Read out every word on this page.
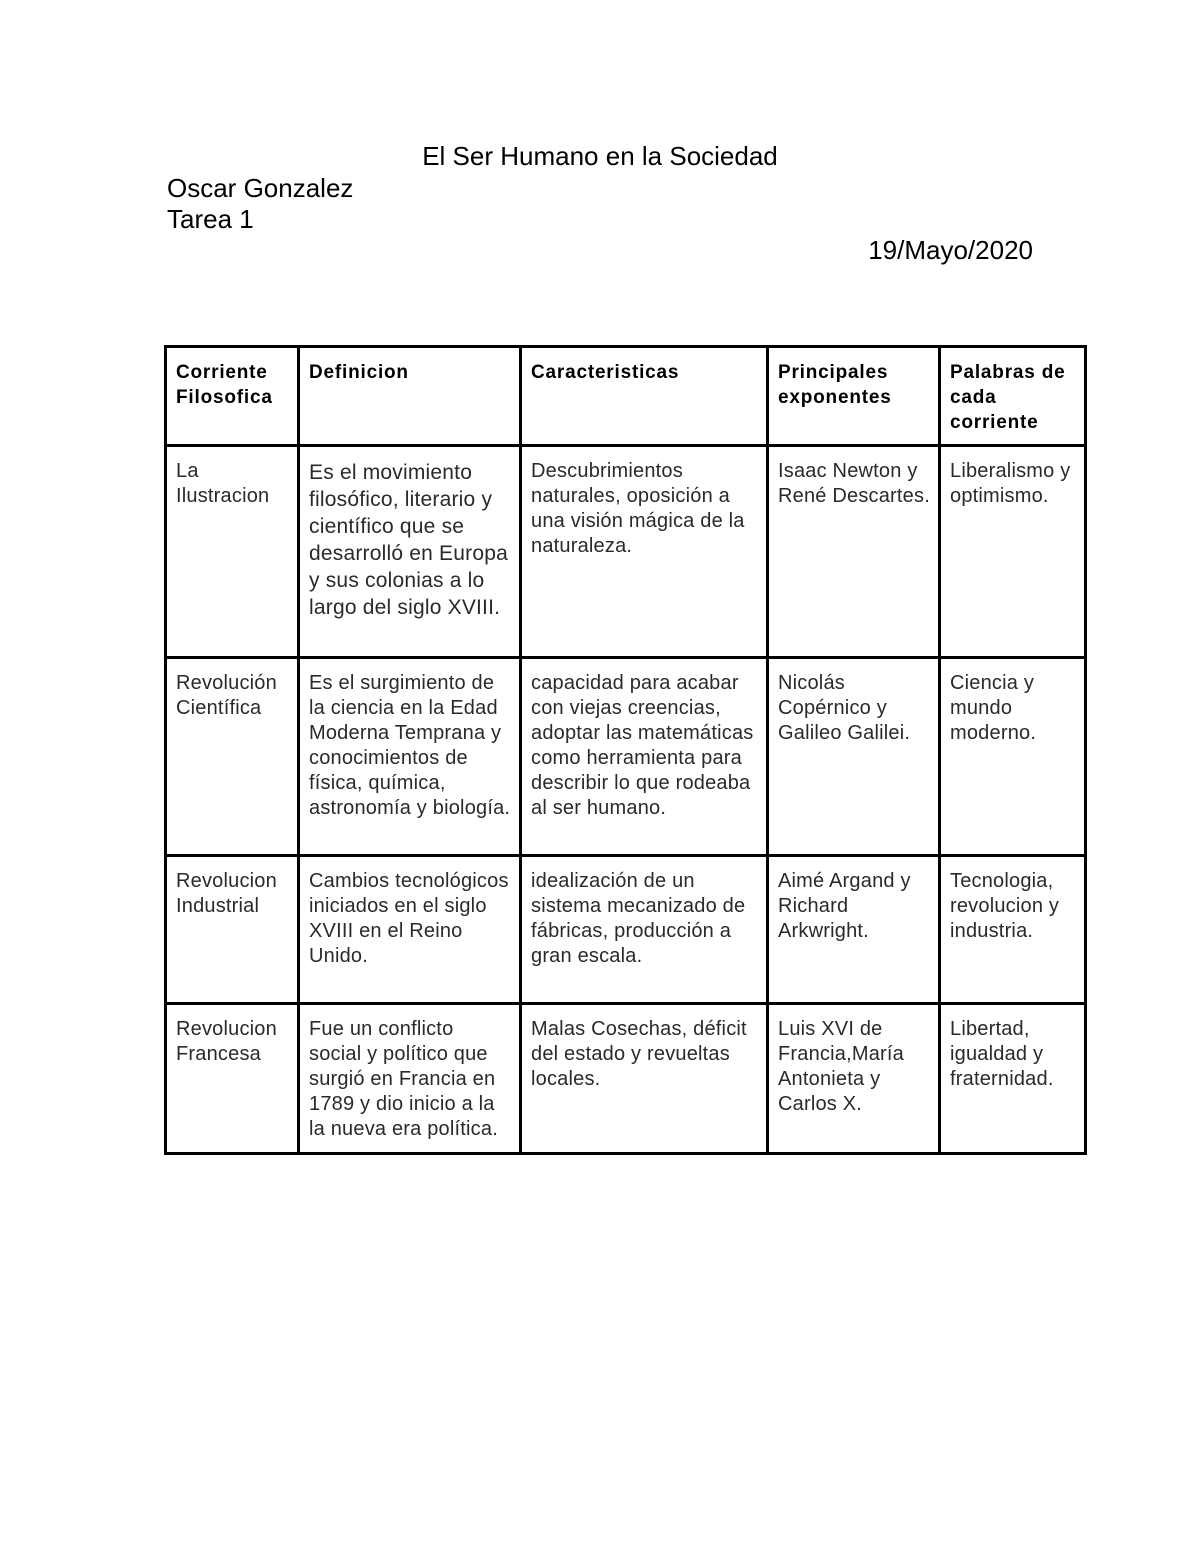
El Ser Humano en la Sociedad
Oscar Gonzalez
Tarea 1
19/Mayo/2020
Corriente Filosofica	Definicion	Caracteristicas	Principales exponentes	Palabras de cada corriente
La Ilustracion	Es el movimiento filosófico, literario y científico que se desarrolló en Europa y sus colonias a lo largo del siglo XVIII.	Descubrimientos naturales, oposición a una visión mágica de la naturaleza.	Isaac Newton y René Descartes.	Liberalismo y optimismo.
Revolución Científica	Es el surgimiento de la ciencia en la Edad Moderna Temprana y conocimientos de física, química, astronomía y biología.	capacidad para acabar con viejas creencias, adoptar las matemáticas como herramienta para describir lo que rodeaba al ser humano.	Nicolás Copérnico y Galileo Galilei.	Ciencia y mundo moderno.
Revolucion Industrial	Cambios tecnológicos iniciados en el siglo XVIII en el Reino Unido.	idealización de un sistema mecanizado de fábricas, producción a gran escala.	Aimé Argand y Richard Arkwright.	Tecnologia, revolucion y industria.
Revolucion Francesa	Fue un conflicto social y político que surgió en Francia en 1789 y dio inicio a la la nueva era política.	Malas Cosechas, déficit del estado y revueltas locales.	Luis XVI de Francia,María Antonieta y Carlos X.	Libertad, igualdad y fraternidad.
